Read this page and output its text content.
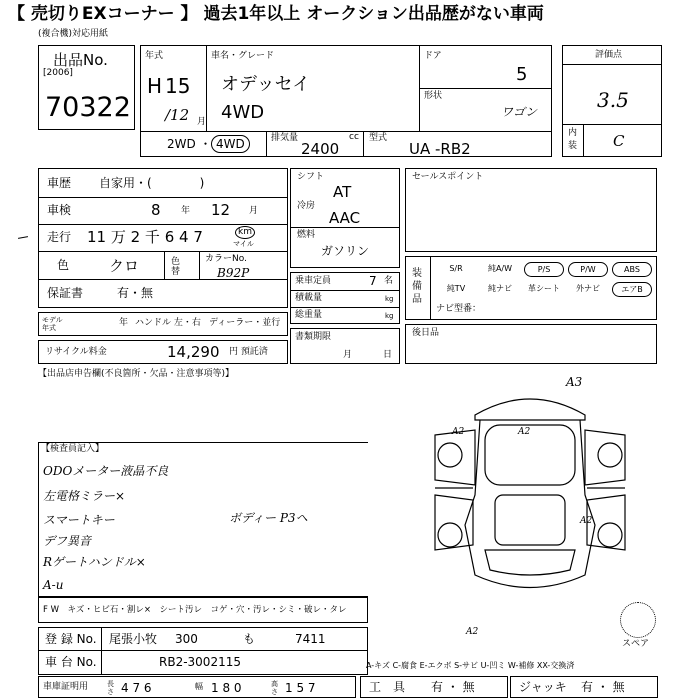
【 売切りEXコーナー 】 過去1年以上 オークション出品歴がない車両
(複合機)対応用紙
出品No.
[2006]
70322
年式
H 15
/12 月
車名・グレード
オデッセイ
4WD
ドア
5
形状
ワゴン
2WD ・ 4WD	排気量	cc
2400
型式
UA -RB2
評価点
3.5
内
装 C
車歴 自家用・(　　　　)
車検	8 年 12 月
走行 11 万 2 千 6 4 7	km
マイル
色	クロ	色替
カラーNo.
B92P
保証書	有・無
モデル年式	年 ハンドル 左・右 ディーラー・並行
リサイクル料金	14,290 円 預託済
シフト
AT
冷房
AAC
燃料
ガソリン
乗車定員	7 名
積載量	kg
総重量	kg
書類期限
月	日
セールスポイント
装備品
S/R	純A/W	P/S	P/W	ABS
純TV	純ナビ	革シート	外ナビ	エアB
ナビ型番：
後日品
【出品店申告欄(不良箇所・欠品・注意事項等)】
【検査員記入】
ODOメーター液晶不良
左電格ミラー×
スマートキー
デフ異音
Rゲートハンドル×
A-u
ボディー P3ヘ
A3
A2	A2
A2
A2
スペア
A-キズ C-腐食 E-エクボ S-サビ U-凹ミ W-補修 XX-交換済
F W　キズ・ヒビ石・割レ×　シート汚レ　コゲ・穴・汚レ・シミ・破レ・タレ
登 録 No. 尾張小牧 300	も	7411
車 台 No.	RB2-3002115
車庫証明用	長さ 4 7 6	幅 1 8 0	高さ 1 5 7	工　具 有 ・ 無	ジャッキ 有 ・ 無
